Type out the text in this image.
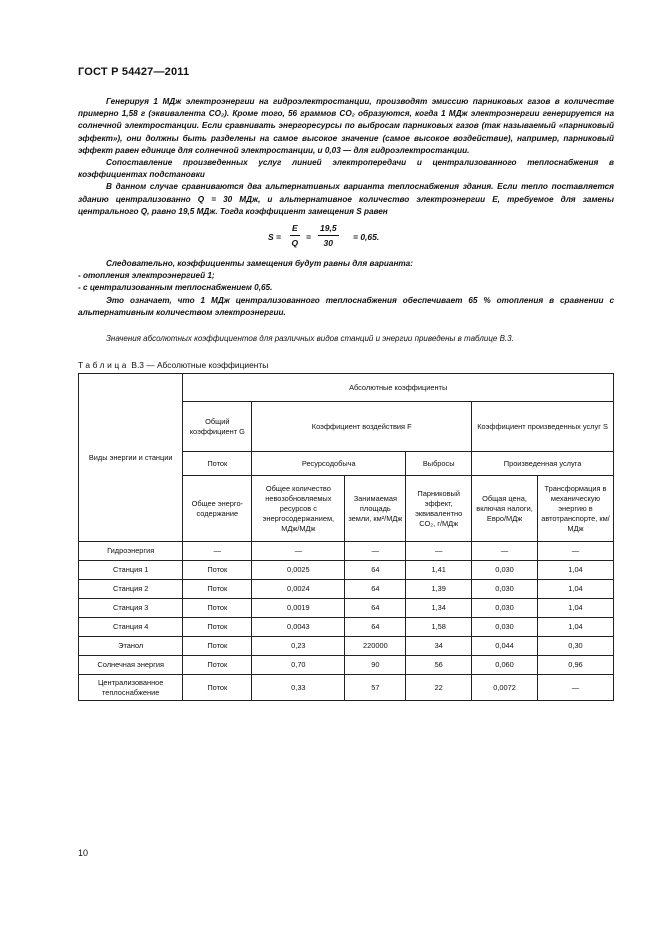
ГОСТ Р 54427—2011

Генерируя 1 МДж электроэнергии на гидроэлектростанции, производят эмиссию парниковых газов в количестве примерно 1,58 г (эквивалента CO₂). Кроме того, 56 граммов CO₂ образуются, когда 1 МДж электроэнергии генерируется на солнечной электростанции. Если сравнивать энергоресурсы по выбросам парниковых газов (так называемый «парниковый эффект»), они должны быть разделены на самое высокое значение (самое высокое воздействие), например, парниковый эффект равен единице для солнечной электростанции, и 0,03 — для гидроэлектростанции.

Сопоставление произведенных услуг линией электропередачи и централизованного теплоснабжения в коэффициентах подстановки

В данном случае сравниваются два альтернативных варианта теплоснабжения здания. Если теплo поставляется зданию централизованно Q = 30 МДж, и альтернативное количество электроэнергии E, требуемое для замены центрального Q, равно 19,5 МДж. Тогда коэффициент замещения S равен

$S = \frac{E}{Q} = \frac{19,5}{30} = 0,65$.

Следовательно, коэффициенты замещения будут равны для варианта:

- отопления электроэнергией 1;

- с централизованным теплоснабжением 0,65.

Это означает, что 1 МДж централизованного теплоснабжения обеспечивает 65 % отопления в сравнении с альтернативным количеством электроэнергии.

Значения абсолютных коэффициентов для различных видов станций и энергии приведены в таблице В.3.
Таблица В.3 — Абсолютные коэффициенты
Виды энергии и станции	Абсолютные коэффициенты					
	Общий коэффициент G	Коэффициент воздействия F			Коэффициент произведенных услуг S	
	Поток	Ресурсодобыча		Выбросы	Произведенная услуга	
	Общее энерго-содержание	Общее количество невозобновляемых ресурсов с энергосодержанием, МДж/МДж	Занимаемая площадь земли, км²/МДж	Парниковый эффект, эквивалентно CO₂, г/МДж	Общая цена, включая налоги, Евро/МДж	Трансформация в механическую энергию в автотранспорте, км/МДж
Гидроэнергия	—	—	—	—	—	—
Станция 1	Поток	0,0025	64	1,41	0,030	1,04
Станция 2	Поток	0,0024	64	1,39	0,030	1,04
Станция 3	Поток	0,0019	64	1,34	0,030	1,04
Станция 4	Поток	0,0043	64	1,58	0,030	1,04
Этанол	Поток	0,23	220000	34	0,044	0,30
Солнечная энергия	Поток	0,70	90	56	0,060	0,96
Централизованное теплоснабжение	Поток	0,33	57	22	0,0072	—
10
